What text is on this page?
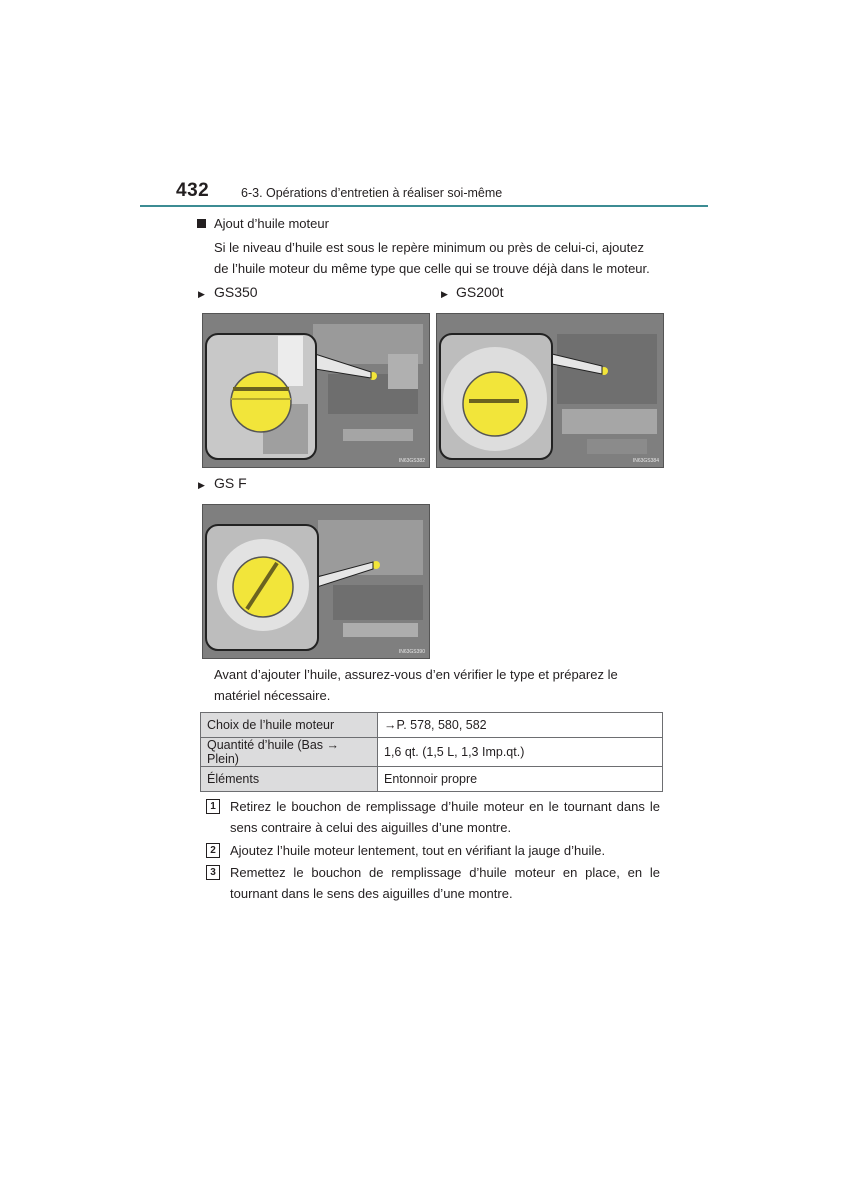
432	6-3. Opérations d’entretien à réaliser soi-même
Ajout d’huile moteur
Si le niveau d’huile est sous le repère minimum ou près de celui-ci, ajoutez de l’huile moteur du même type que celle qui se trouve déjà dans le moteur.
▶ GS350	▶ GS200t
IN63GS382	IN63GS384
▶ GS F
IN63GS390
Avant d’ajouter l’huile, assurez-vous d’en vérifier le type et préparez le matériel nécessaire.
Choix de l’huile moteur	→P. 578, 580, 582
Quantité d’huile (Bas → Plein)	1,6 qt. (1,5 L, 1,3 Imp.qt.)
Éléments	Entonnoir propre
1	Retirez le bouchon de remplissage d’huile moteur en le tournant dans le sens contraire à celui des aiguilles d’une montre.
2	Ajoutez l’huile moteur lentement, tout en vérifiant la jauge d’huile.
3	Remettez le bouchon de remplissage d’huile moteur en place, en le tournant dans le sens des aiguilles d’une montre.
